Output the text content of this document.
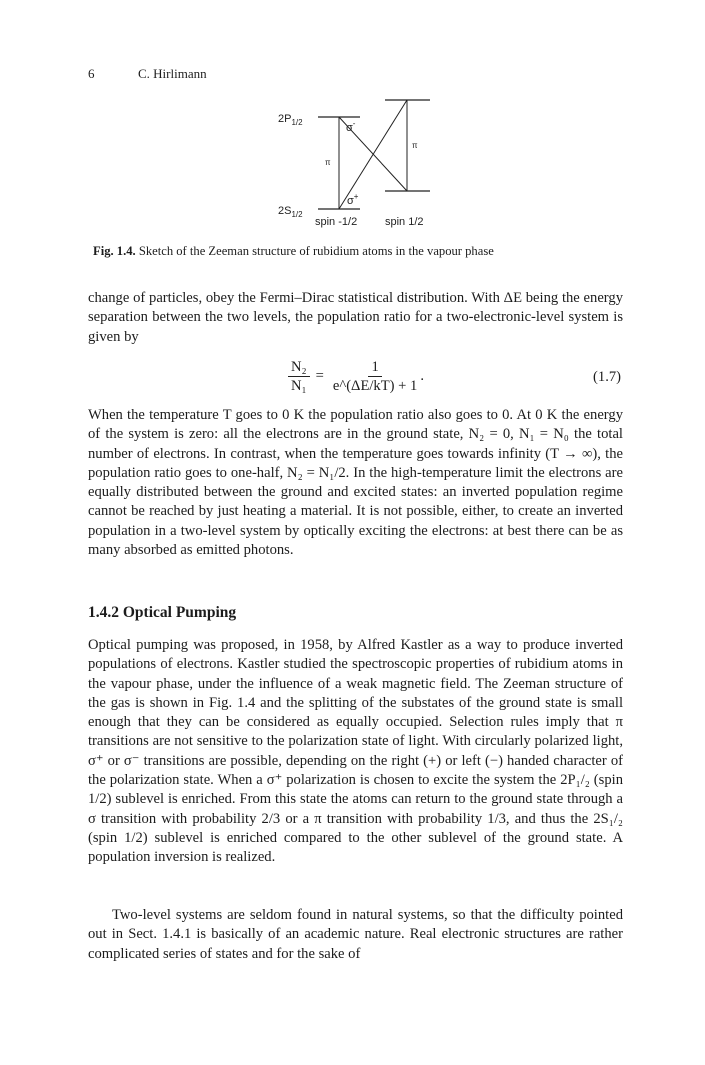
6	C. Hirlimann
$2P_{1/2}$
$2S_{1/2}$
σ-
σ+
π
π
spin -1/2	spin 1/2
Fig. 1.4. Sketch of the Zeeman structure of rubidium atoms in the vapour phase
change of particles, obey the Fermi–Dirac statistical distribution. With ΔE being the energy separation between the two levels, the population ratio for a two-electronic-level system is given by
$\frac{\text{N₂}}{\text{N₁}} = \frac{1}{e\^{}(\Delta E/kT) + 1}$ .	(1.7)
When the temperature T goes to 0 K the population ratio also goes to 0. At 0 K the energy of the system is zero: all the electrons are in the ground state, N₂ = 0, N₁ = N₀ the total number of electrons. In contrast, when the temperature goes towards infinity (T → ∞), the population ratio goes to one-half, N₂ = N₁/2. In the high-temperature limit the electrons are equally distributed between the ground and excited states: an inverted population regime cannot be reached by just heating a material. It is not possible, either, to create an inverted population in a two-level system by optically exciting the electrons: at best there can be as many absorbed as emitted photons.
1.4.2 Optical Pumping
Optical pumping was proposed, in 1958, by Alfred Kastler as a way to produce inverted populations of electrons. Kastler studied the spectroscopic properties of rubidium atoms in the vapour phase, under the influence of a weak magnetic field. The Zeeman structure of the gas is shown in Fig. 1.4 and the splitting of the substates of the ground state is small enough that they can be considered as equally occupied. Selection rules imply that π transitions are not sensitive to the polarization state of light. With circularly polarized light, σ⁺ or σ⁻ transitions are possible, depending on the right (+) or left (−) handed character of the polarization state. When a σ⁺ polarization is chosen to excite the system the 2P₁/₂ (spin 1/2) sublevel is enriched. From this state the atoms can return to the ground state through a σ transition with probability 2/3 or a π transition with probability 1/3, and thus the 2S₁/₂ (spin 1/2) sublevel is enriched compared to the other sublevel of the ground state. A population inversion is realized.
Two-level systems are seldom found in natural systems, so that the difficulty pointed out in Sect. 1.4.1 is basically of an academic nature. Real electronic structures are rather complicated series of states and for the sake of
